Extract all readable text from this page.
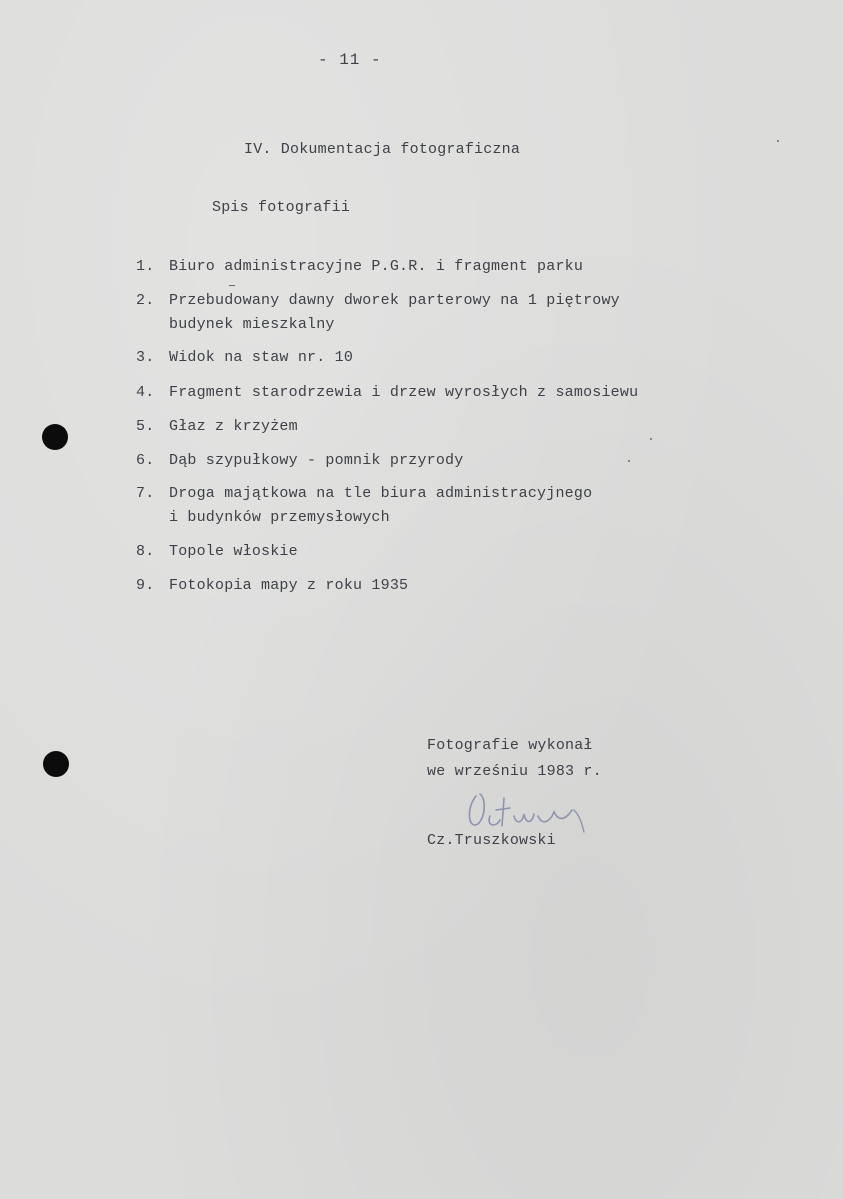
- 11 -
IV. Dokumentacja fotograficzna
Spis fotografii
1. Biuro administracyjne P.G.R. i fragment parku
2. Przebudowany dawny dworek parterowy na 1 piętrowy
budynek mieszkalny
3. Widok na staw nr. 10
4. Fragment starodrzewia i drzew wyrosłych z samosiewu
5. Głaz z krzyżem
6. Dąb szypułkowy - pomnik przyrody
7. Droga majątkowa na tle biura administracyjnego
i budynków przemysłowych
8. Topole włoskie
9. Fotokopia mapy z roku 1935
Fotografie wykonał
we wrześniu 1983 r.
Cz.Truszkowski
